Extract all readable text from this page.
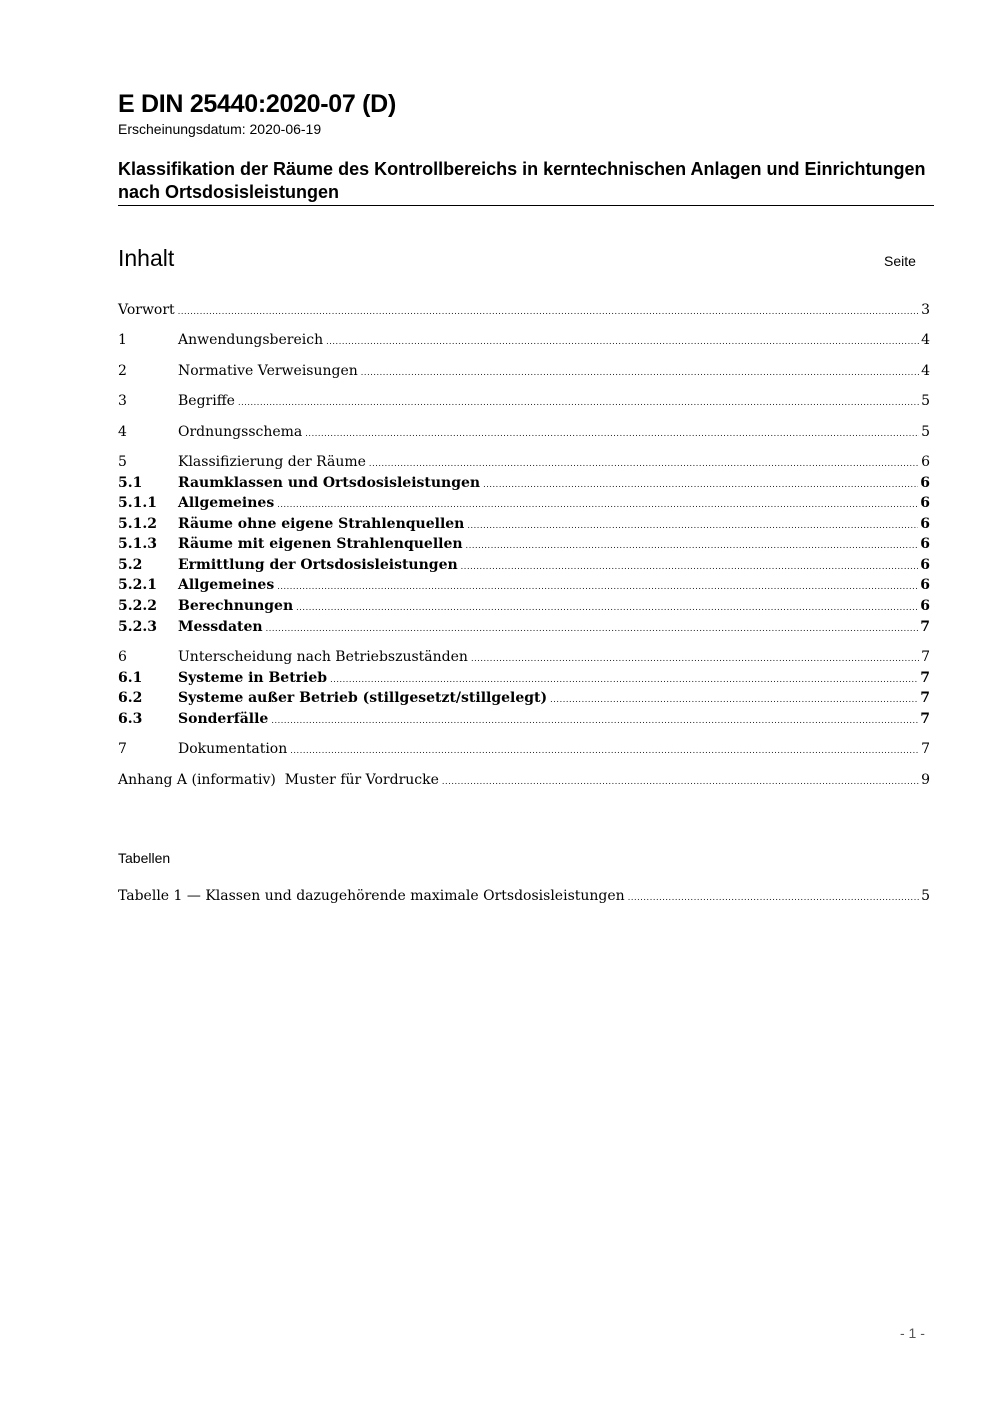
E DIN 25440:2020-07 (D)
Erscheinungsdatum: 2020-06-19
Klassifikation der Räume des Kontrollbereichs in kerntechnischen Anlagen und Einrichtungen nach Ortsdosisleistungen
Inhalt	Seite
Vorwort .....	3
1	Anwendungsbereich .....	4
2	Normative Verweisungen .....	4
3	Begriffe .....	5
4	Ordnungsschema .....	5
5	Klassifizierung der Räume .....	6
5.1	Raumklassen und Ortsdosisleistungen .....	6
5.1.1	Allgemeines .....	6
5.1.2	Räume ohne eigene Strahlenquellen .....	6
5.1.3	Räume mit eigenen Strahlenquellen .....	6
5.2	Ermittlung der Ortsdosisleistungen .....	6
5.2.1	Allgemeines .....	6
5.2.2	Berechnungen .....	6
5.2.3	Messdaten .....	7
6	Unterscheidung nach Betriebszuständen .....	7
6.1	Systeme in Betrieb .....	7
6.2	Systeme außer Betrieb (stillgesetzt/stillgelegt) .....	7
6.3	Sonderfälle .....	7
7	Dokumentation .....	7
Anhang A (informativ)  Muster für Vordrucke .....	9
Tabellen
Tabelle 1 — Klassen und dazugehörende maximale Ortsdosisleistungen .....	5
- 1 -
